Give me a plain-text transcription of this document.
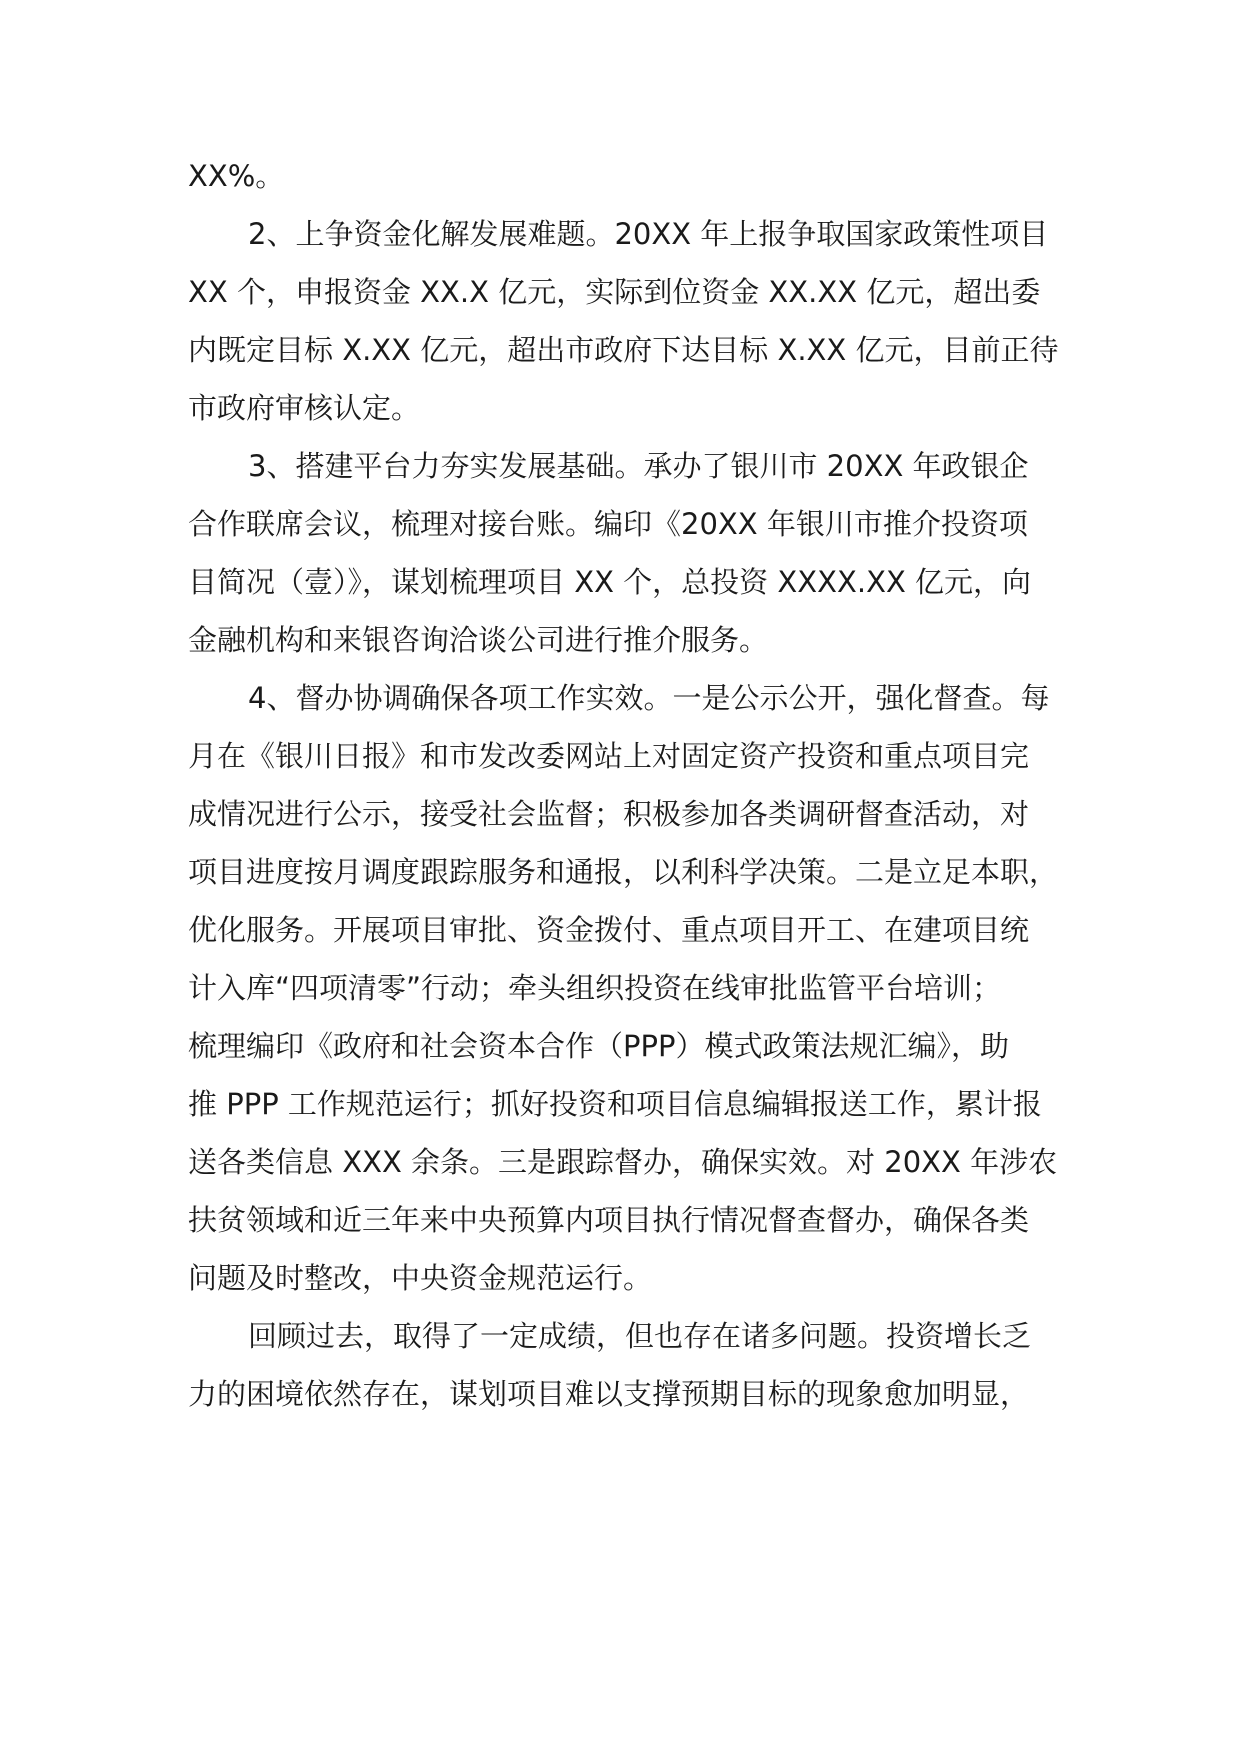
XX%。
2、上争资金化解发展难题。20XX 年上报争取国家政策性项目
XX 个，申报资金 XX.X 亿元，实际到位资金 XX.XX 亿元，超出委
内既定目标 X.XX 亿元，超出市政府下达目标 X.XX 亿元，目前正待
市政府审核认定。
3、搭建平台力夯实发展基础。承办了银川市 20XX 年政银企
合作联席会议，梳理对接台账。编印《20XX 年银川市推介投资项
目简况（壹）》，谋划梳理项目 XX 个，总投资 XXXX.XX 亿元，向
金融机构和来银咨询洽谈公司进行推介服务。
4、督办协调确保各项工作实效。一是公示公开，强化督查。每
月在《银川日报》和市发改委网站上对固定资产投资和重点项目完
成情况进行公示，接受社会监督；积极参加各类调研督查活动，对
项目进度按月调度跟踪服务和通报，以利科学决策。二是立足本职，
优化服务。开展项目审批、资金拨付、重点项目开工、在建项目统
计入库“四项清零”行动；牵头组织投资在线审批监管平台培训；
梳理编印《政府和社会资本合作（PPP）模式政策法规汇编》，助
推 PPP 工作规范运行；抓好投资和项目信息编辑报送工作，累计报
送各类信息 XXX 余条。三是跟踪督办，确保实效。对 20XX 年涉农
扶贫领域和近三年来中央预算内项目执行情况督查督办，确保各类
问题及时整改，中央资金规范运行。
回顾过去，取得了一定成绩，但也存在诸多问题。投资增长乏
力的困境依然存在，谋划项目难以支撑预期目标的现象愈加明显，
